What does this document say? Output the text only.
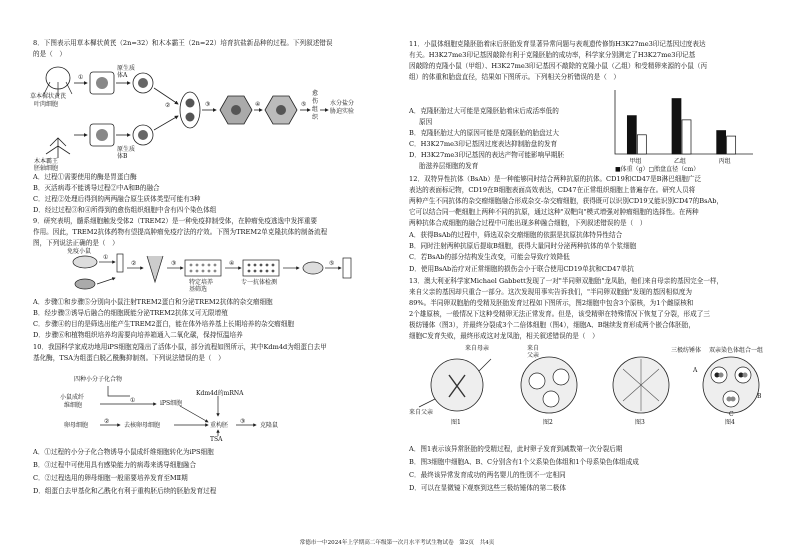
8．下图表示用草本樨状黄芪（2n=32）和木本霸王（2n=22）培育抗盐新品种的过程。下列叙述错误
的是（　）
草本樨状黄芪
叶肉细胞
木本霸王
胚轴细胞
原生质
体A
原生质
体B
①
②	③	④	⑤
愈
伤
组
织
水分盐分
胁迫实验
A．过程①需要使用的酶是胃蛋白酶
B．灭活病毒不能诱导过程②中A和B的融合
C．过程②处理后得到的两两融合原生质体类型可能有3种
D．经过过程③和④所得到的愈伤组织细胞中含有四个染色体组
9．研究表明，髓系细胞触发受体2（TREM2）是一种免疫抑制受体，在肿瘤免疫逃逸中发挥重要
作用。因此，TREM2抗体药物有望提高肿瘤免疫疗法的疗效。下图为TREM2单克隆抗体的制备流程
图，下列说法正确的是（　）
免疫小鼠
①
②	③	④	⑤
特定培养
基筛选
专一抗体检测
A．步骤①和步骤⑤分别向小鼠注射TREM2蛋白和分泌TREM2抗体的杂交瘤细胞
B．经步骤③诱导后融合的细胞既能分泌TREM2抗体又可无限增殖
C．步骤④的目的是筛选出能产生TREM2蛋白，能在体外培养基上长期培养的杂交瘤细胞
D．步骤⑥和植物组织培养均需要向培养箱通入二氧化碳，保持恒温培养
10．我国科学家成功地用iPS细胞克隆出了活体小鼠，部分流程如图所示，其中Kdm4d为组蛋白去甲
基化酶，TSA为组蛋白脱乙酰酶抑制剂。下列说法错误的是（　）
四种小分子化合物
小鼠成纤
维细胞
①	iPS细胞
卵母细胞
②
去核卵母细胞
Kdm4d的mRNA
重构胚
③
克隆鼠
TSA
A．①过程的小分子化合物诱导小鼠成纤维细胞转化为iPS细胞
B．③过程中可使用具有感染能力的病毒来诱导细胞融合
C．②过程选用的卵母细胞一般需要培养发育至MⅡ期
D．组蛋白去甲基化和乙酰化有利于重构胚后续的胚胎发育过程
11．小鼠体细胞克隆胚胎着床后胚胎发育显著异常问题与表观遗传修饰H3K27me3印记基因过度表达
有关。H3K27me3印记基因敲除有利于克隆胚胎的成功率，科学家分别测定了H3K27me3印记基
因敲除的克隆小鼠（甲组）、H3K27me3印记基因不敲除的克隆小鼠（乙组）和受精卵来源的小鼠（丙
组）的体重和胎盘直径，结果如下图所示。下列相关分析错误的是（　）
A．克隆胚胎过大可能是克隆胚胎着床后成活率低的
原因
B．克隆胚胎过大的原因可能是克隆胚胎的胎盘过大
C．H3K27me3印记基因过度表达抑制胎盘的发育
D．H3K27me3印记基因的表达产物可能影响早期胚
胎滋养层细胞的发育
甲组	乙组	丙组
■体重（g）□胎盘直径（cm）
12．双特异性抗体（BsAb）是一种能够同时结合两种抗原的抗体。CD19和CD47是B淋巴细胞广泛
表达的表面标记物，CD19在B细胞表面高效表达，CD47在正常组织细胞上普遍存在。研究人员将
两种产生不同抗体的杂交瘤细胞融合形成杂交-杂交瘤细胞，获得既可以识别CD19又能识别CD47的BsAb，
它可以结合同一靶细胞上两种不同的抗原，通过这种"双靶向"模式增强对肿瘤细胞的选择性。在两种
两种抗体合成细胞的融合过程中可能出现多种融合细胞，下列叙述错误的是（　）
A．获得BsAb的过程中，筛选双杂交瘤细胞的依据是抗原抗体特异性结合
B．同时注射两种抗原后提取B细胞，获得大量同时分泌两种抗体的单个浆细胞
C．若BsAb的部分结构发生改变，可能会导致疗效降低
D．使用BsAb治疗对正常细胞的损伤会小于联合使用CD19单抗和CD47单抗
13．澳大利亚科学家Michael Gabbett发现了一对"半同卵双胞胎"龙凤胎，他们来自母亲的基因完全一样，
来自父亲的基因却只重合一部分。这次发现用事实告诉我们，"半同卵双胞胎"发现的基因相似度为
89%。半同卵双胞胎的受精及胚胎发育过程如下图所示，图2细胞中包含3个原核，为1个雌原核和
2个雄原核，一般情况下这种受精卵无法正常发育。但是，该受精卵在特殊情况下恢复了分裂，形成了三
极纺锤体（图3），并最终分裂成3个二倍体细胞（图4），细胞A、B继续发育形成两个嵌合体胚胎，
细胞C发育失败，最终形成这对龙凤胎，相关叙述错误的是（　）
来自母亲	来自
父亲
来自父亲
三极纺锤体 双亲染色体组合一组
A
B
C
图1	图2	图3	图4
A．图1表示该异常胚胎的受精过程，此时卵子发育到减数第一次分裂后期
B．图3细胞中细胞A、B、C分别含有1个父系染色体组和1个母系染色体组成成
C．最终该异常发育成功的两名婴儿的性别不一定相同
D．可以在显微镜下观察到这些三极纺锤体的第二极体
常德市一中2024年上学期高二年级第一次月水平考试生物试卷　第2页　共4页
